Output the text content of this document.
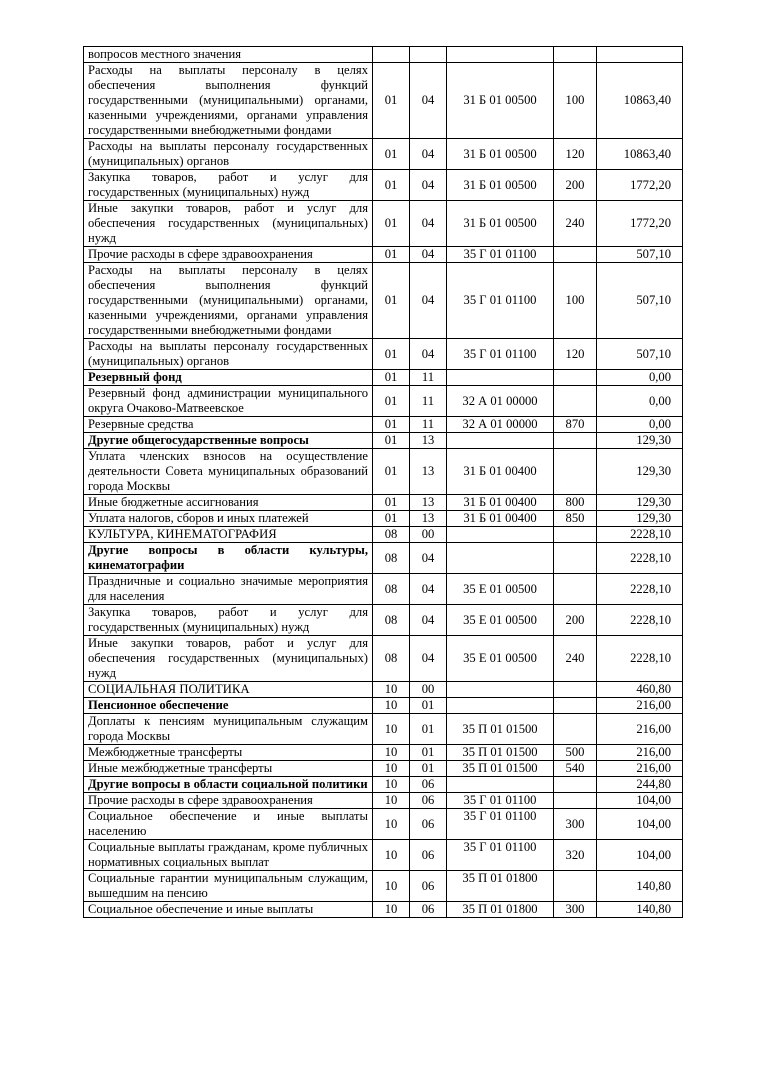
вопросов местного значения					
Расходы на выплаты персоналу в целях обеспечения выполнения функций государственными (муниципальными) органами, казенными учреждениями, органами управления государственными внебюджетными фондами	01	04	31 Б 01 00500	100	10863,40
Расходы на выплаты персоналу государственных (муниципальных) органов	01	04	31 Б 01 00500	120	10863,40
Закупка товаров, работ и услуг для государственных (муниципальных) нужд	01	04	31 Б 01 00500	200	1772,20
Иные закупки товаров, работ и услуг для обеспечения государственных (муниципальных) нужд	01	04	31 Б 01 00500	240	1772,20
Прочие расходы в сфере здравоохранения	01	04	35 Г 01 01100		507,10
Расходы на выплаты персоналу в целях обеспечения выполнения функций государственными (муниципальными) органами, казенными учреждениями, органами управления государственными внебюджетными фондами	01	04	35 Г 01 01100	100	507,10
Расходы на выплаты персоналу государственных (муниципальных) органов	01	04	35 Г 01 01100	120	507,10
Резервный фонд	01	11			0,00
Резервный фонд администрации муниципального округа Очаково-Матвеевское	01	11	32 А 01 00000		0,00
Резервные средства	01	11	32 А 01 00000	870	0,00
Другие общегосударственные вопросы	01	13			129,30
Уплата членских взносов на осуществление деятельности Совета муниципальных образований города Москвы	01	13	31 Б 01 00400		129,30
Иные бюджетные ассигнования	01	13	31 Б 01 00400	800	129,30
Уплата налогов, сборов и иных платежей	01	13	31 Б 01 00400	850	129,30
КУЛЬТУРА, КИНЕМАТОГРАФИЯ	08	00			2228,10
Другие вопросы в области культуры, кинематографии	08	04			2228,10
Праздничные и социально значимые мероприятия для населения	08	04	35 Е 01 00500		2228,10
Закупка товаров, работ и услуг для государственных (муниципальных) нужд	08	04	35 Е 01 00500	200	2228,10
Иные закупки товаров, работ и услуг для обеспечения государственных (муниципальных) нужд	08	04	35 Е 01 00500	240	2228,10
СОЦИАЛЬНАЯ ПОЛИТИКА	10	00			460,80
Пенсионное обеспечение	10	01			216,00
Доплаты к пенсиям муниципальным служащим города Москвы	10	01	35 П 01 01500		216,00
Межбюджетные трансферты	10	01	35 П 01 01500	500	216,00
Иные межбюджетные трансферты	10	01	35 П 01 01500	540	216,00
Другие вопросы в области социальной политики	10	06			244,80
Прочие расходы в сфере здравоохранения	10	06	35 Г 01 01100		104,00
Социальное обеспечение и иные выплаты населению	10	06	35 Г 01 01100	300	104,00
Социальные выплаты гражданам, кроме публичных нормативных социальных выплат	10	06	35 Г 01 01100	320	104,00
Социальные гарантии муниципальным служащим, вышедшим на пенсию	10	06	35 П 01 01800		140,80
Социальное обеспечение и иные выплаты	10	06	35 П 01 01800	300	140,80
